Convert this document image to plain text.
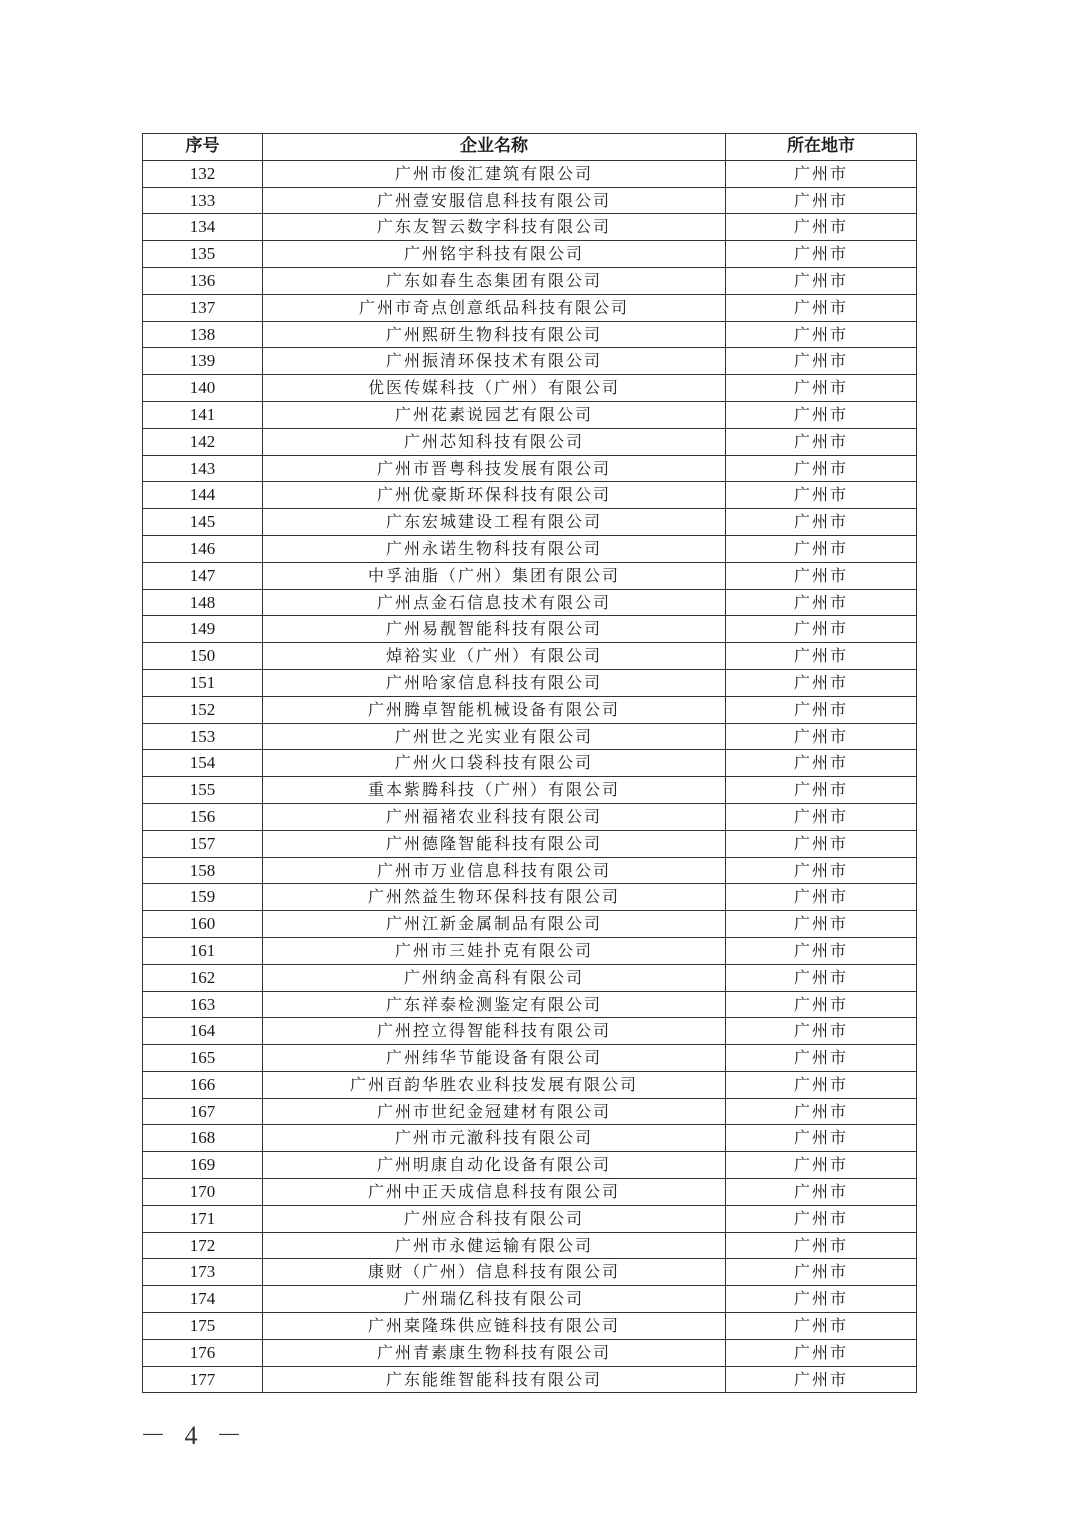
序号	企业名称	所在地市
132	广州市俊汇建筑有限公司	广州市
133	广州壹安服信息科技有限公司	广州市
134	广东友智云数字科技有限公司	广州市
135	广州铭宇科技有限公司	广州市
136	广东如春生态集团有限公司	广州市
137	广州市奇点创意纸品科技有限公司	广州市
138	广州熙研生物科技有限公司	广州市
139	广州振清环保技术有限公司	广州市
140	优医传媒科技（广州）有限公司	广州市
141	广州花素说园艺有限公司	广州市
142	广州芯知科技有限公司	广州市
143	广州市晋粤科技发展有限公司	广州市
144	广州优豪斯环保科技有限公司	广州市
145	广东宏城建设工程有限公司	广州市
146	广州永诺生物科技有限公司	广州市
147	中孚油脂（广州）集团有限公司	广州市
148	广州点金石信息技术有限公司	广州市
149	广州易靓智能科技有限公司	广州市
150	焯裕实业（广州）有限公司	广州市
151	广州哈家信息科技有限公司	广州市
152	广州腾卓智能机械设备有限公司	广州市
153	广州世之光实业有限公司	广州市
154	广州火口袋科技有限公司	广州市
155	重本紫腾科技（广州）有限公司	广州市
156	广州福褚农业科技有限公司	广州市
157	广州德隆智能科技有限公司	广州市
158	广州市万业信息科技有限公司	广州市
159	广州然益生物环保科技有限公司	广州市
160	广州江新金属制品有限公司	广州市
161	广州市三娃扑克有限公司	广州市
162	广州纳金高科有限公司	广州市
163	广东祥泰检测鉴定有限公司	广州市
164	广州控立得智能科技有限公司	广州市
165	广州纬华节能设备有限公司	广州市
166	广州百韵华胜农业科技发展有限公司	广州市
167	广州市世纪金冠建材有限公司	广州市
168	广州市元澈科技有限公司	广州市
169	广州明康自动化设备有限公司	广州市
170	广州中正天成信息科技有限公司	广州市
171	广州应合科技有限公司	广州市
172	广州市永健运输有限公司	广州市
173	康财（广州）信息科技有限公司	广州市
174	广州瑞亿科技有限公司	广州市
175	广州枽隆珠供应链科技有限公司	广州市
176	广州青素康生物科技有限公司	广州市
177	广东能维智能科技有限公司	广州市
－ 4 －
